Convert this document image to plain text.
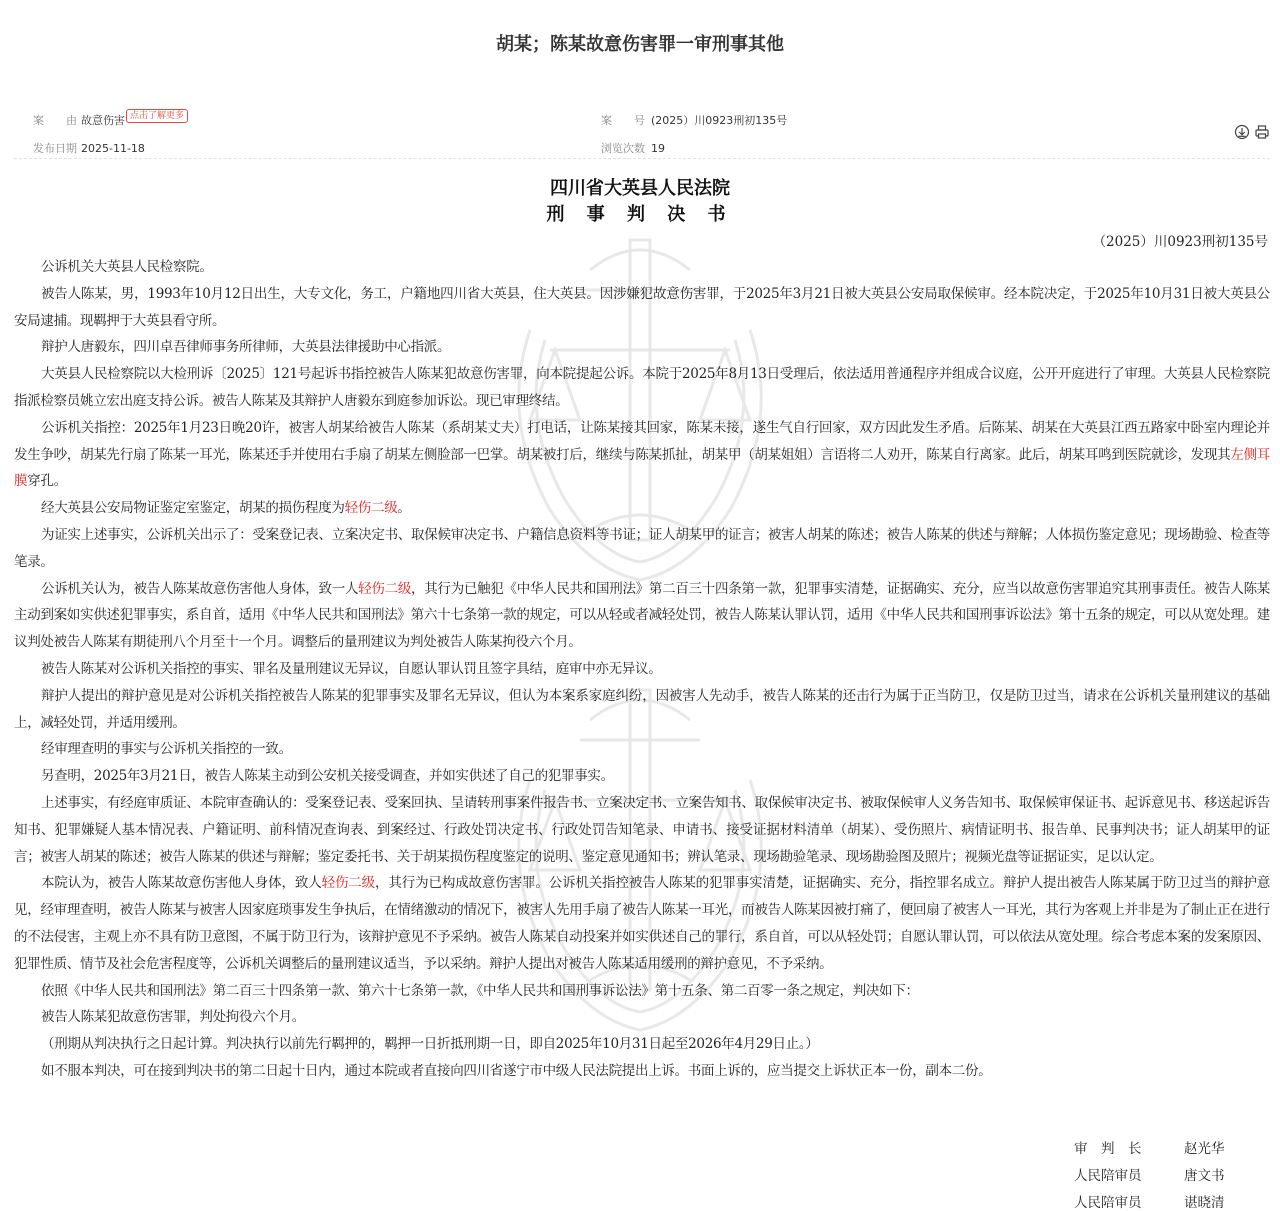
胡某；陈某故意伤害罪一审刑事其他
案　　由 故意伤害 点击了解更多	案　　号 (2025）川0923刑初135号
发布日期 2025-11-18	浏览次数 19
四川省大英县人民法院
刑 事 判 决 书
（2025）川0923刑初135号

公诉机关大英县人民检察院。

被告人陈某，男，1993年10月12日出生，大专文化，务工，户籍地四川省大英县，住大英县。因涉嫌犯故意伤害罪，于2025年3月21日被大英县公安局取保候审。经本院决定，于2025年10月31日被大英县公安局逮捕。现羁押于大英县看守所。

辩护人唐毅东，四川卓吾律师事务所律师，大英县法律援助中心指派。

大英县人民检察院以大检刑诉〔2025〕121号起诉书指控被告人陈某犯故意伤害罪，向本院提起公诉。本院于2025年8月13日受理后，依法适用普通程序并组成合议庭，公开开庭进行了审理。大英县人民检察院指派检察员姚立宏出庭支持公诉。被告人陈某及其辩护人唐毅东到庭参加诉讼。现已审理终结。

公诉机关指控：2025年1月23日晚20许，被害人胡某给被告人陈某（系胡某丈夫）打电话，让陈某接其回家，陈某未接，遂生气自行回家，双方因此发生矛盾。后陈某、胡某在大英县江西五路家中卧室内理论并发生争吵，胡某先行扇了陈某一耳光，陈某还手并使用右手扇了胡某左侧脸部一巴掌。胡某被打后，继续与陈某抓扯，胡某甲（胡某姐姐）言语将二人劝开，陈某自行离家。此后，胡某耳鸣到医院就诊，发现其左侧耳膜穿孔。

经大英县公安局物证鉴定室鉴定，胡某的损伤程度为轻伤二级。

为证实上述事实，公诉机关出示了：受案登记表、立案决定书、取保候审决定书、户籍信息资料等书证；证人胡某甲的证言；被害人胡某的陈述；被告人陈某的供述与辩解；人体损伤鉴定意见；现场勘验、检查等笔录。

公诉机关认为，被告人陈某故意伤害他人身体，致一人轻伤二级，其行为已触犯《中华人民共和国刑法》第二百三十四条第一款，犯罪事实清楚，证据确实、充分，应当以故意伤害罪追究其刑事责任。被告人陈某主动到案如实供述犯罪事实，系自首，适用《中华人民共和国刑法》第六十七条第一款的规定，可以从轻或者减轻处罚，被告人陈某认罪认罚，适用《中华人民共和国刑事诉讼法》第十五条的规定，可以从宽处理。建议判处被告人陈某有期徒刑八个月至十一个月。调整后的量刑建议为判处被告人陈某拘役六个月。

被告人陈某对公诉机关指控的事实、罪名及量刑建议无异议，自愿认罪认罚且签字具结，庭审中亦无异议。

辩护人提出的辩护意见是对公诉机关指控被告人陈某的犯罪事实及罪名无异议，但认为本案系家庭纠纷，因被害人先动手，被告人陈某的还击行为属于正当防卫，仅是防卫过当，请求在公诉机关量刑建议的基础上，减轻处罚，并适用缓刑。

经审理查明的事实与公诉机关指控的一致。

另查明，2025年3月21日，被告人陈某主动到公安机关接受调查，并如实供述了自己的犯罪事实。

上述事实，有经庭审质证、本院审查确认的：受案登记表、受案回执、呈请转刑事案件报告书、立案决定书、立案告知书、取保候审决定书、被取保候审人义务告知书、取保候审保证书、起诉意见书、移送起诉告知书、犯罪嫌疑人基本情况表、户籍证明、前科情况查询表、到案经过、行政处罚决定书、行政处罚告知笔录、申请书、接受证据材料清单（胡某）、受伤照片、病情证明书、报告单、民事判决书；证人胡某甲的证言；被害人胡某的陈述；被告人陈某的供述与辩解；鉴定委托书、关于胡某损伤程度鉴定的说明、鉴定意见通知书；辨认笔录、现场勘验笔录、现场勘验图及照片；视频光盘等证据证实，足以认定。

本院认为，被告人陈某故意伤害他人身体，致人轻伤二级，其行为已构成故意伤害罪。公诉机关指控被告人陈某的犯罪事实清楚，证据确实、充分，指控罪名成立。辩护人提出被告人陈某属于防卫过当的辩护意见，经审理查明，被告人陈某与被害人因家庭琐事发生争执后，在情绪激动的情况下，被害人先用手扇了被告人陈某一耳光，而被告人陈某因被打痛了，便回扇了被害人一耳光，其行为客观上并非是为了制止正在进行的不法侵害，主观上亦不具有防卫意图，不属于防卫行为，该辩护意见不予采纳。被告人陈某自动投案并如实供述自己的罪行，系自首，可以从轻处罚；自愿认罪认罚，可以依法从宽处理。综合考虑本案的发案原因、犯罪性质、情节及社会危害程度等，公诉机关调整后的量刑建议适当，予以采纳。辩护人提出对被告人陈某适用缓刑的辩护意见，不予采纳。

依照《中华人民共和国刑法》第二百三十四条第一款、第六十七条第一款，《中华人民共和国刑事诉讼法》第十五条、第二百零一条之规定，判决如下：

被告人陈某犯故意伤害罪，判处拘役六个月。

（刑期从判决执行之日起计算。判决执行以前先行羁押的，羁押一日折抵刑期一日，即自2025年10月31日起至2026年4月29日止。）

如不服本判决，可在接到判决书的第二日起十日内，通过本院或者直接向四川省遂宁市中级人民法院提出上诉。书面上诉的，应当提交上诉状正本一份，副本二份。

审　判　长	赵光华
人民陪审员	唐文书
人民陪审员	谌晓清
